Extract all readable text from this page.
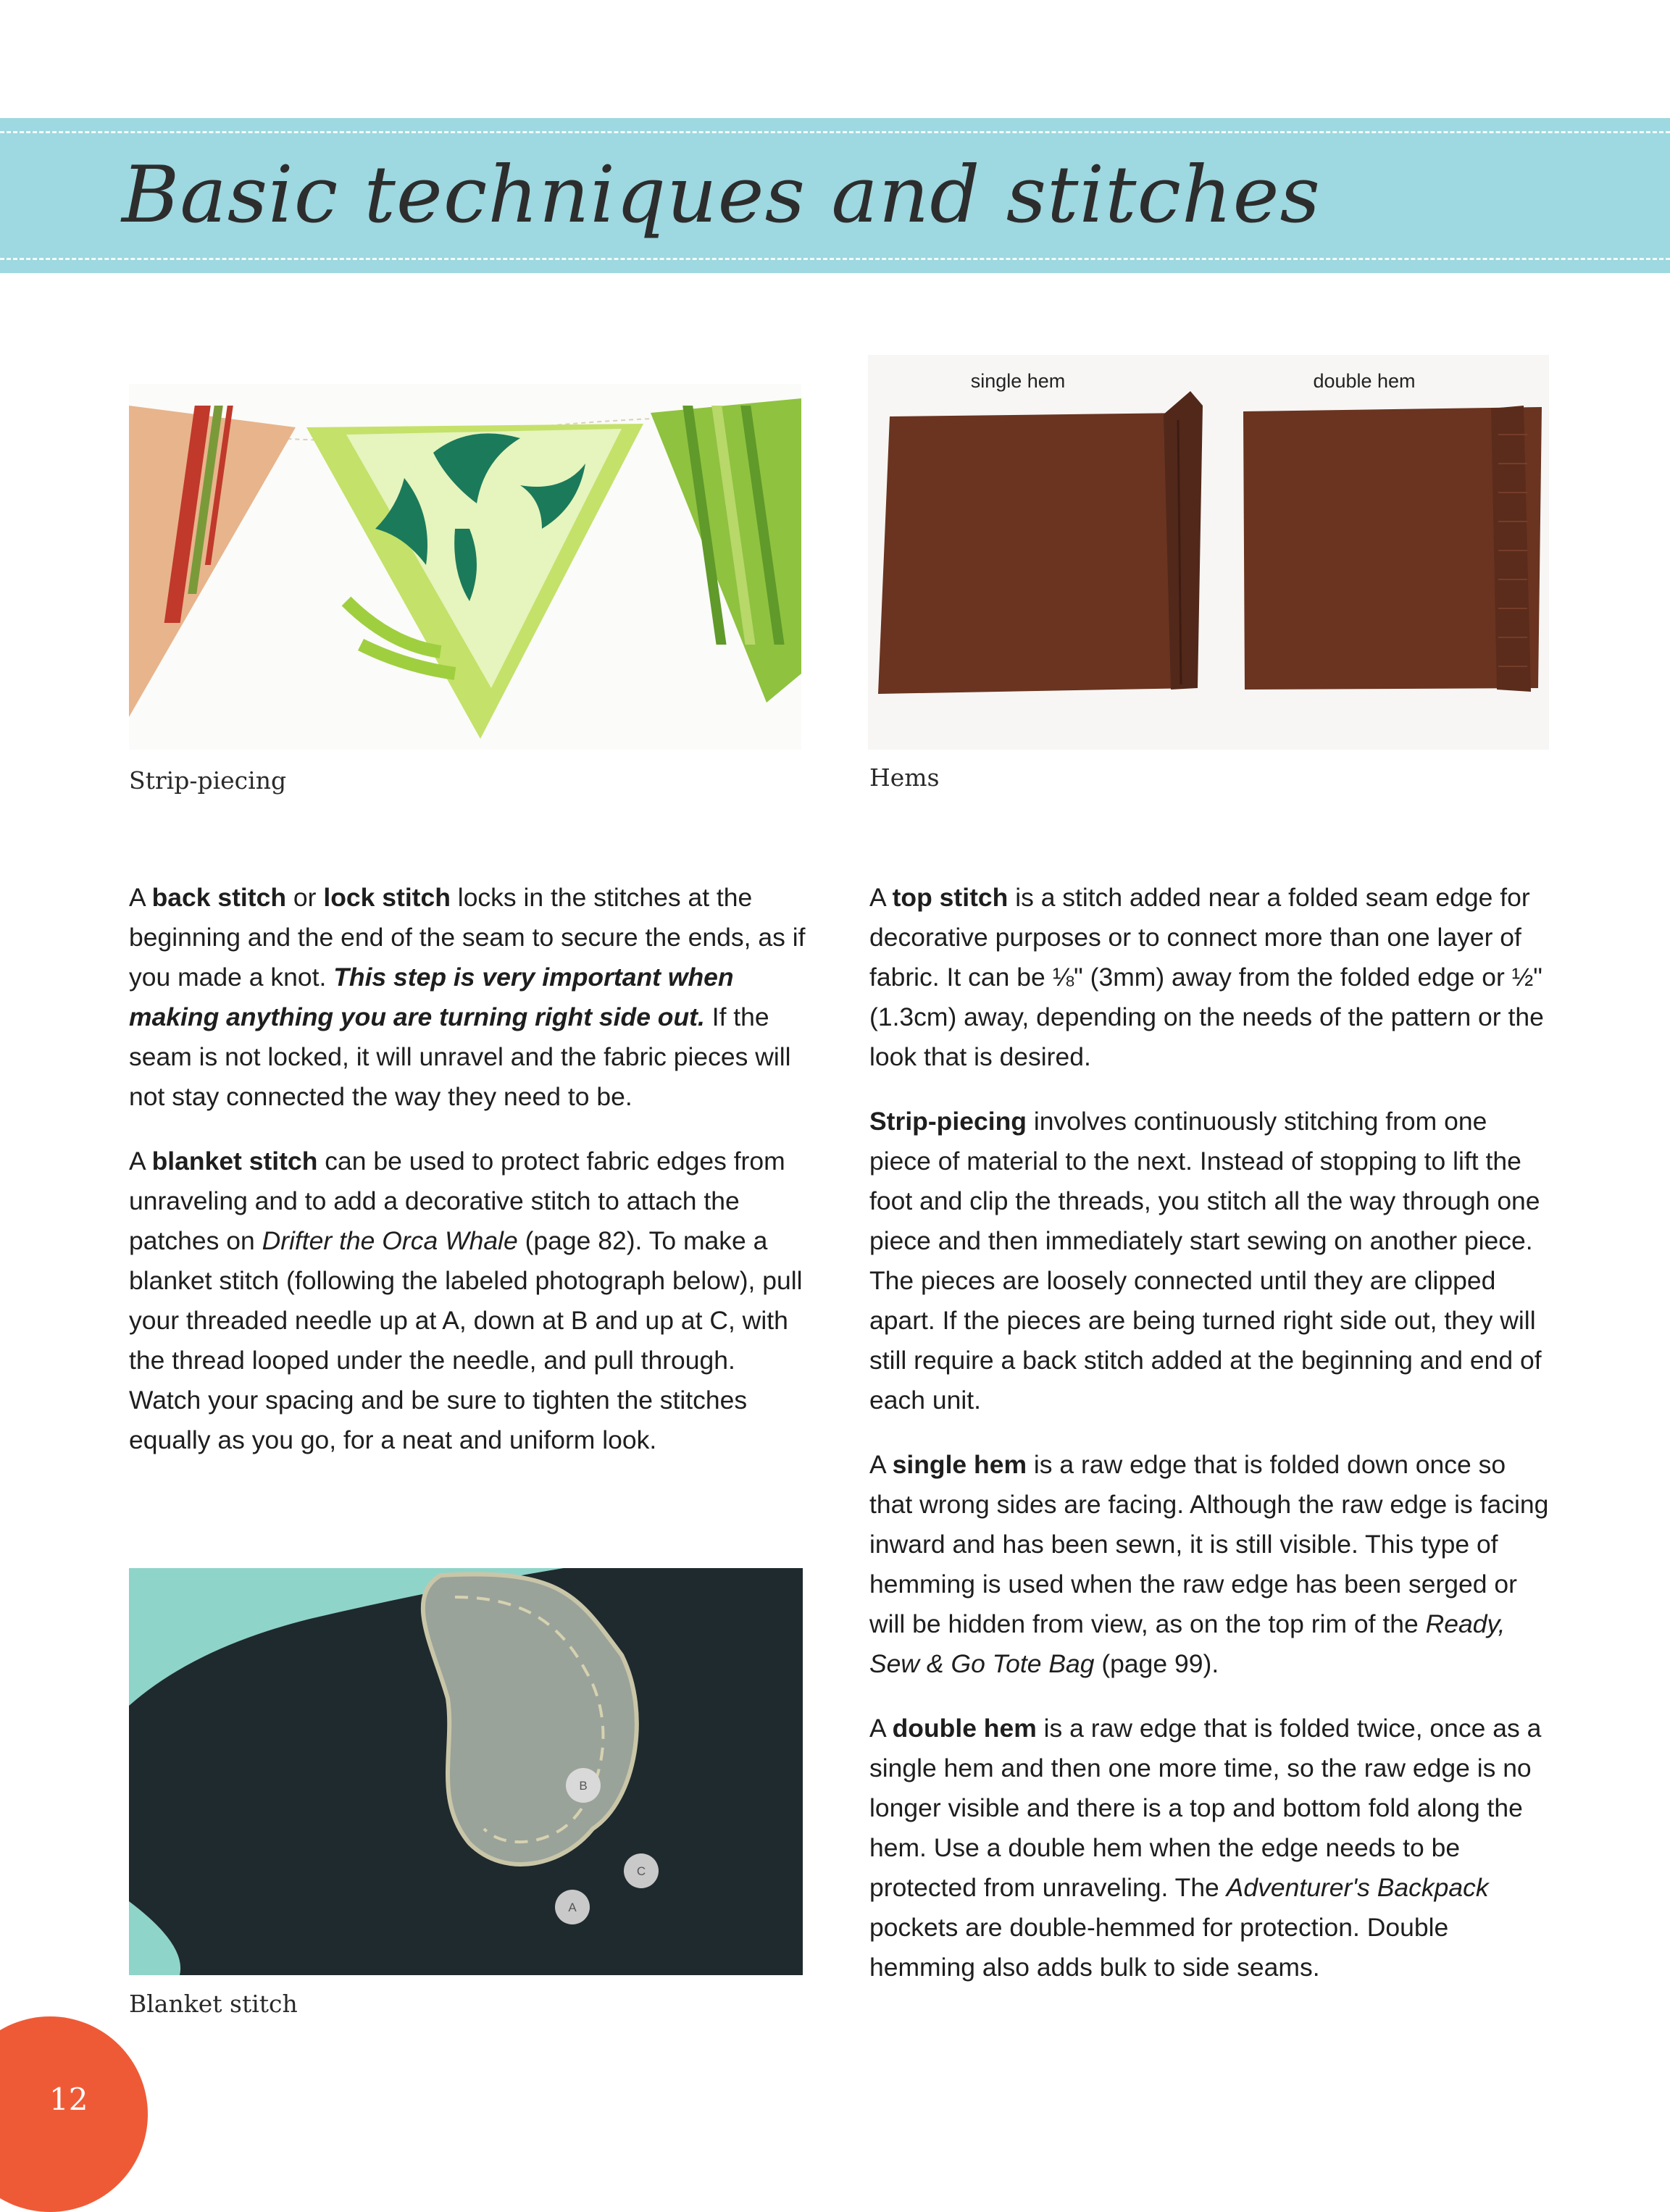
Basic techniques and stitches

Strip-piecing

single hem	double hem

Hems

A back stitch or lock stitch locks in the stitches at the beginning and the end of the seam to secure the ends, as if you made a knot. This step is very important when making anything you are turning right side out. If the seam is not locked, it will unravel and the fabric pieces will not stay connected the way they need to be.

A blanket stitch can be used to protect fabric edges from unraveling and to add a decorative stitch to attach the patches on Drifter the Orca Whale (page 82). To make a blanket stitch (following the labeled photograph below), pull your threaded needle up at A, down at B and up at C, with the thread looped under the needle, and pull through. Watch your spacing and be sure to tighten the stitches equally as you go, for a neat and uniform look.

B
C
A

Blanket stitch

A top stitch is a stitch added near a folded seam edge for decorative purposes or to connect more than one layer of fabric. It can be ⅛" (3mm) away from the folded edge or ½" (1.3cm) away, depending on the needs of the pattern or the look that is desired.

Strip-piecing involves continuously stitching from one piece of material to the next. Instead of stopping to lift the foot and clip the threads, you stitch all the way through one piece and then immediately start sewing on another piece. The pieces are loosely connected until they are clipped apart. If the pieces are being turned right side out, they will still require a back stitch added at the beginning and end of each unit.

A single hem is a raw edge that is folded down once so that wrong sides are facing. Although the raw edge is facing inward and has been sewn, it is still visible. This type of hemming is used when the raw edge has been serged or will be hidden from view, as on the top rim of the Ready, Sew & Go Tote Bag (page 99).

A double hem is a raw edge that is folded twice, once as a single hem and then one more time, so the raw edge is no longer visible and there is a top and bottom fold along the hem. Use a double hem when the edge needs to be protected from unraveling. The Adventurer's Backpack pockets are double-hemmed for protection. Double hemming also adds bulk to side seams.

12
